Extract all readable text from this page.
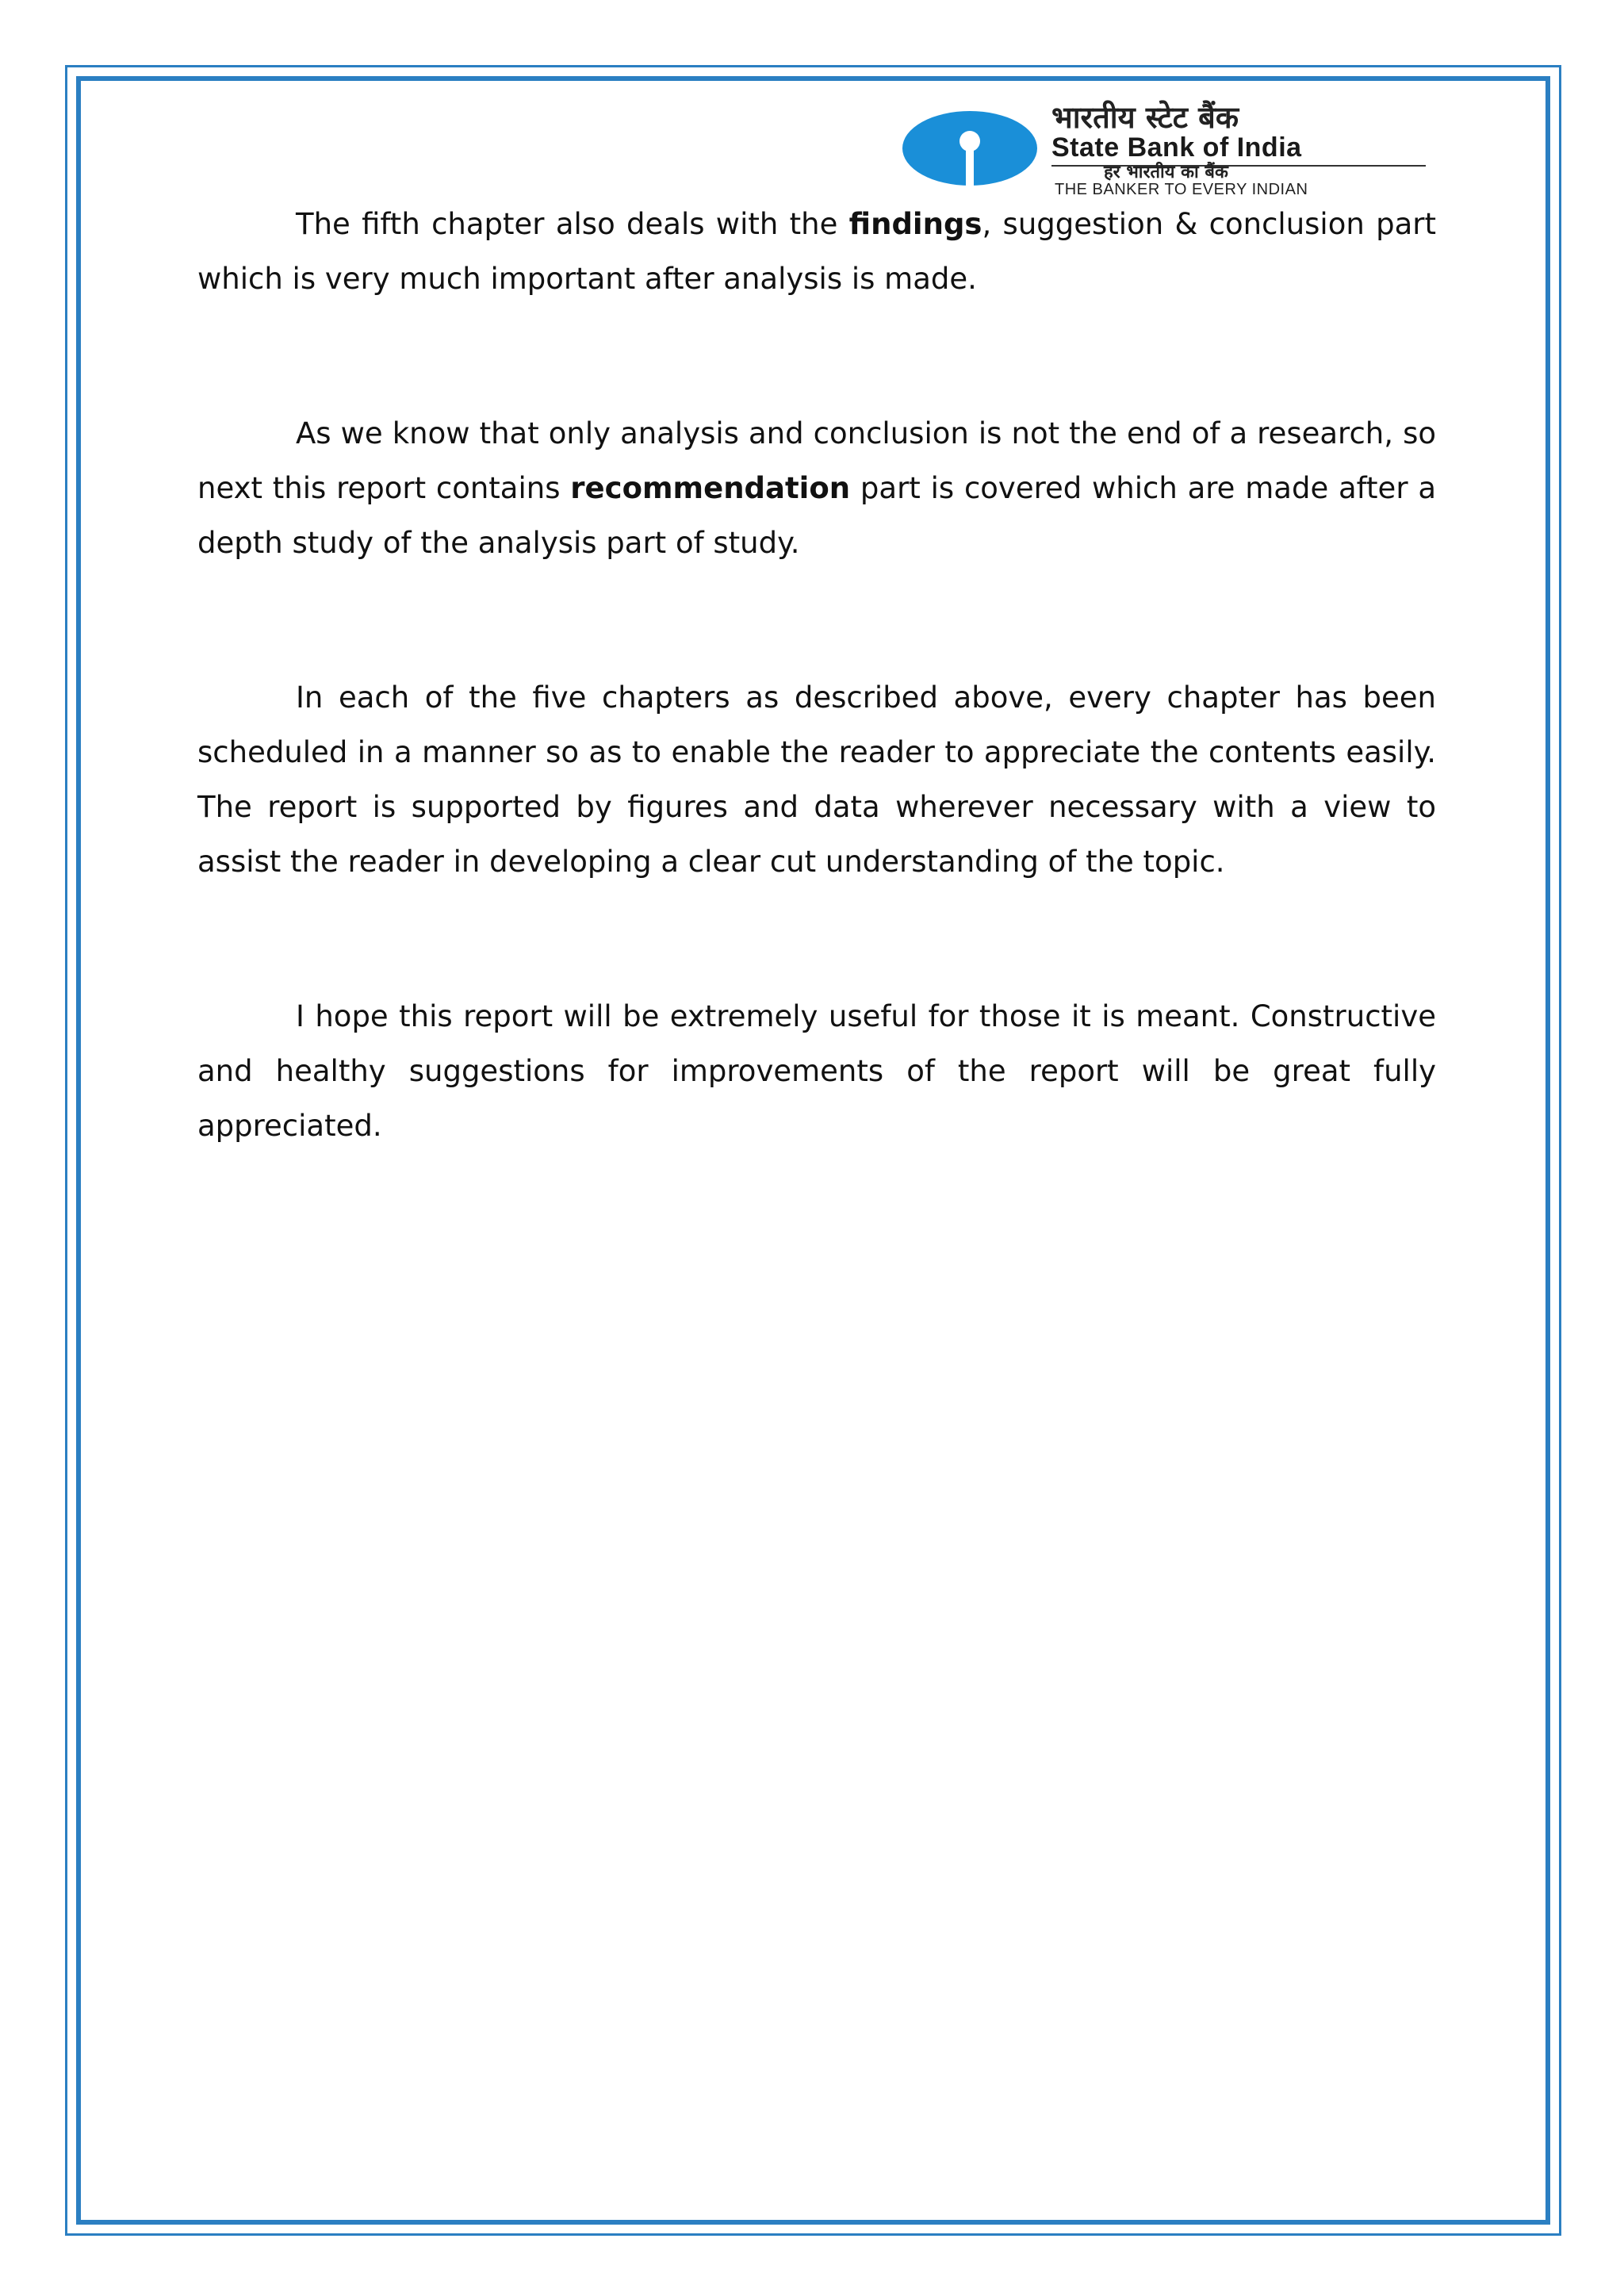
भारतीय स्टेट बैंक
State Bank of India
हर भारतीय का बैंक
THE BANKER TO EVERY INDIAN

The fifth chapter also deals with the findings, suggestion & conclusion part which is very much important after analysis is made.

As we know that only analysis and conclusion is not the end of a research, so next this report contains recommendation part is covered which are made after a depth study of the analysis part of study.

In each of the five chapters as described above, every chapter has been scheduled in a manner so as to enable the reader to appreciate the contents easily. The report is supported by figures and data wherever necessary with a view to assist the reader in developing a clear cut understanding of the topic.

I hope this report will be extremely useful for those it is meant. Constructive and healthy suggestions for improvements of the report will be great fully appreciated.
